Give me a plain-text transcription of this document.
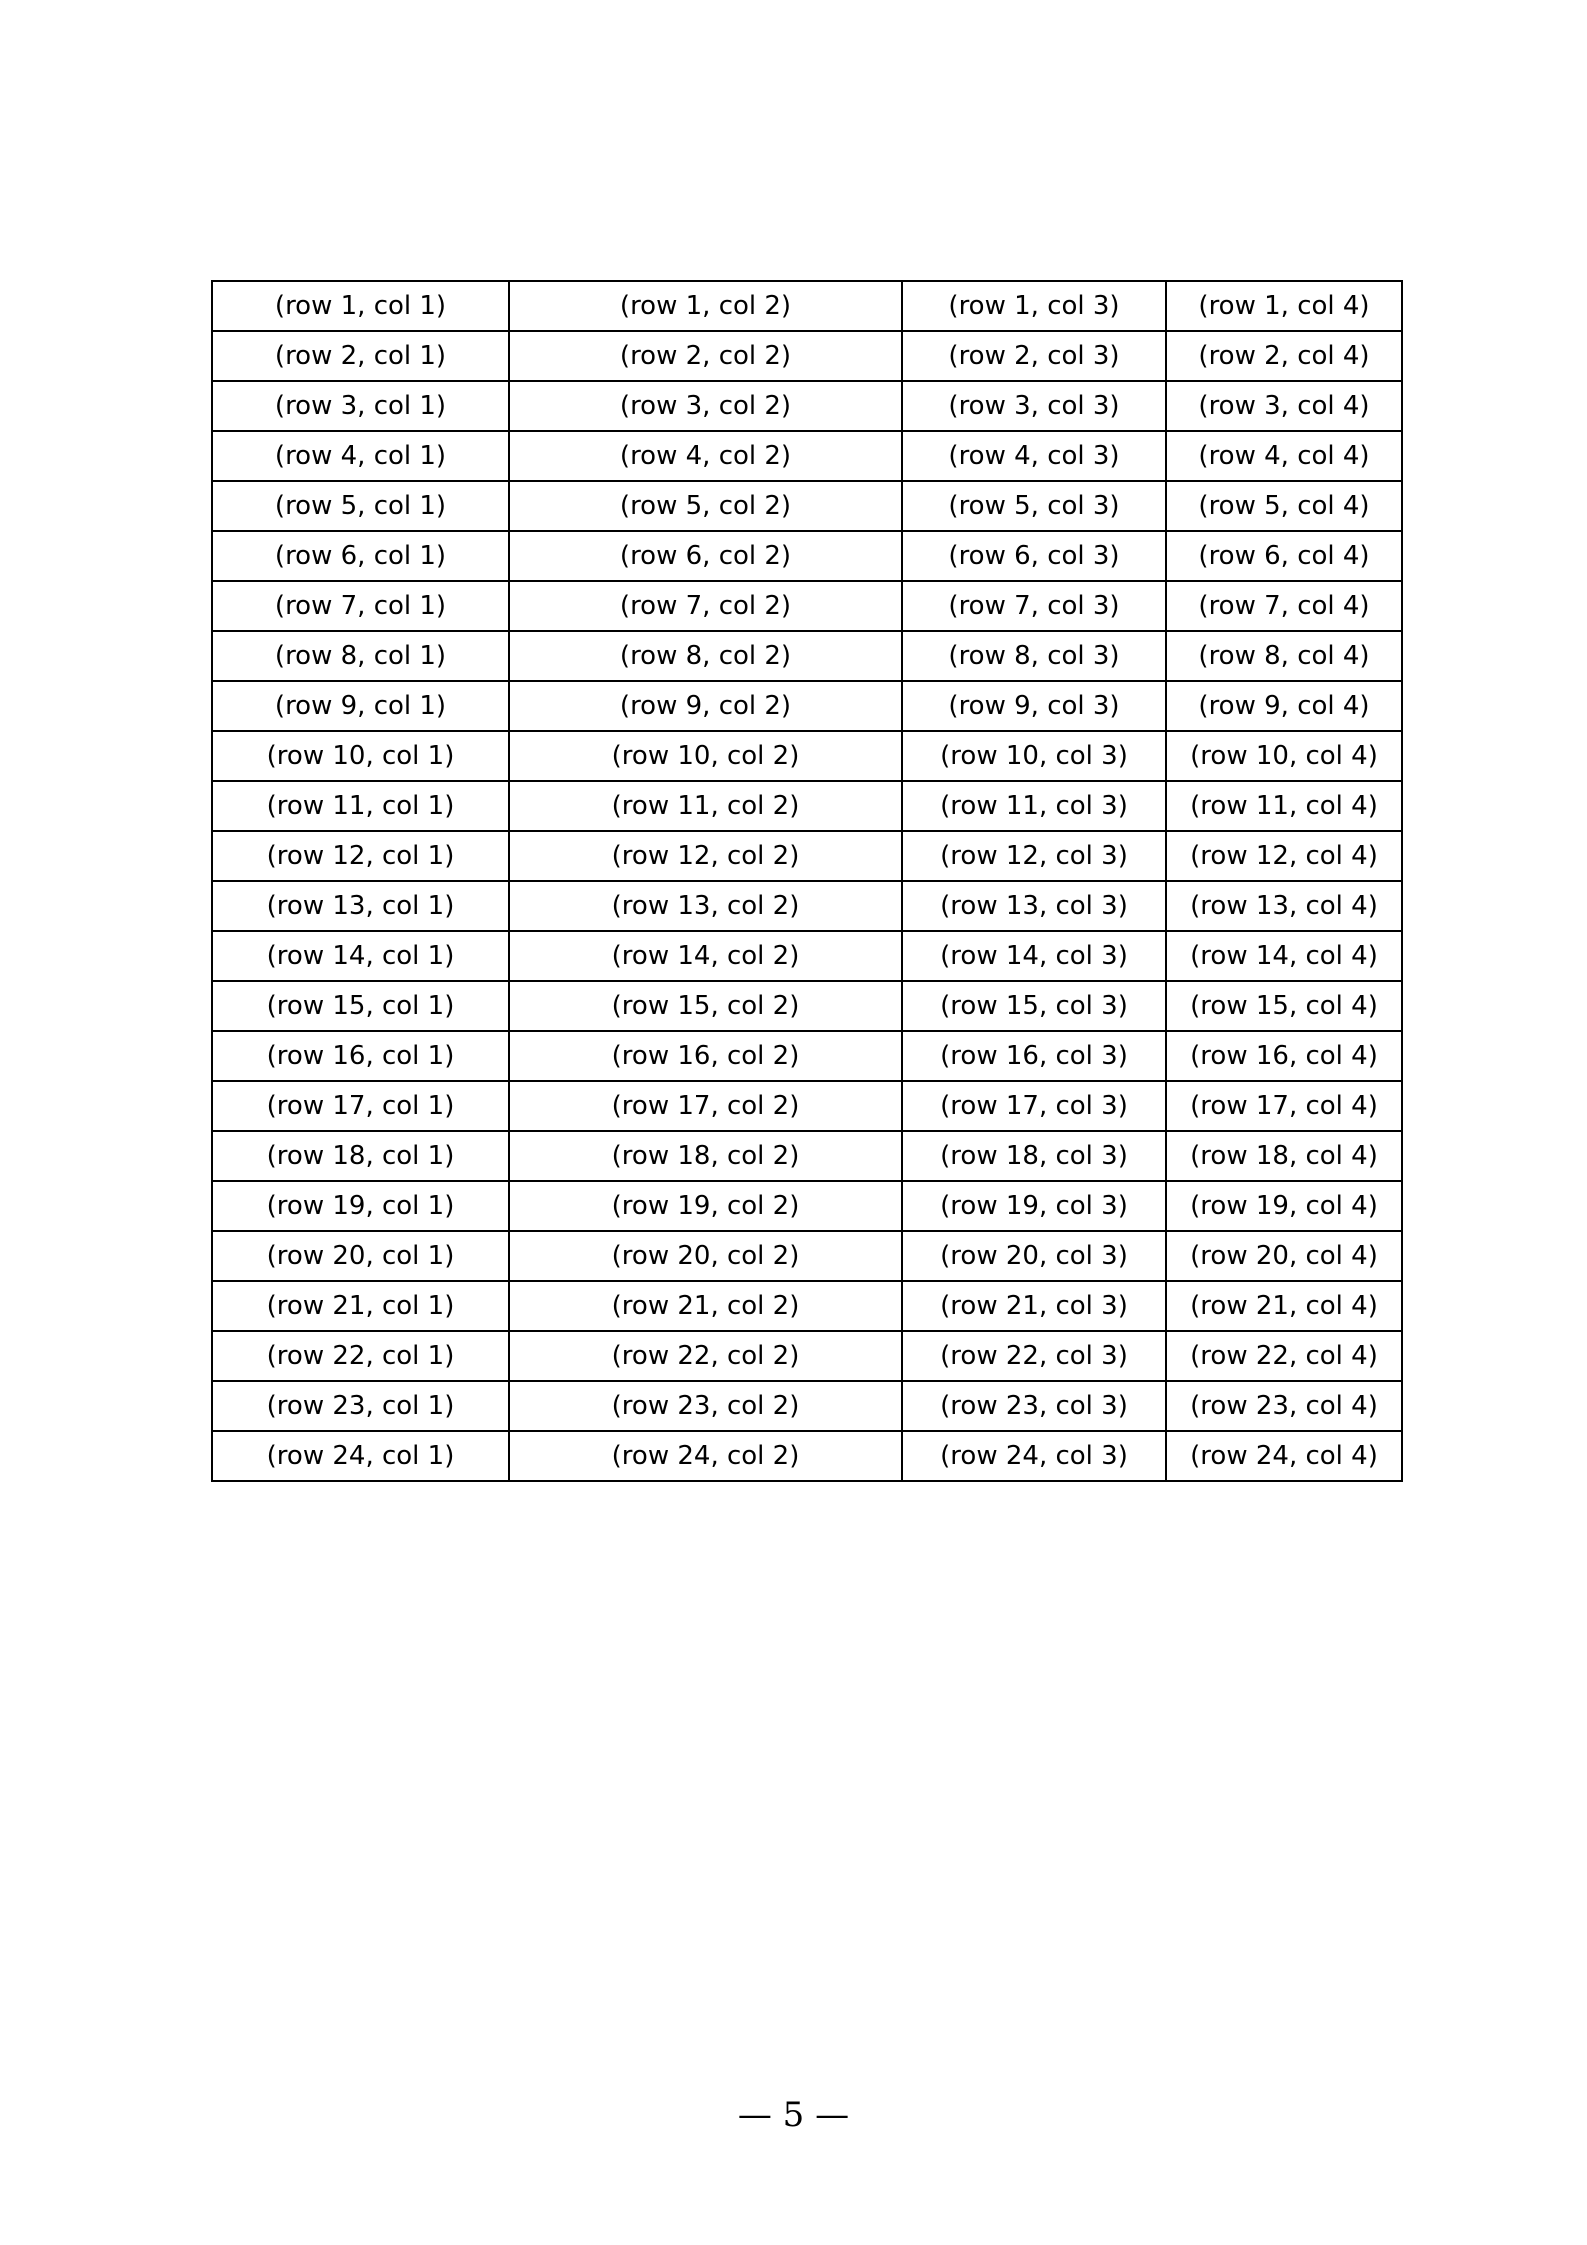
(row 1, col 1)	(row 1, col 2)	(row 1, col 3)	(row 1, col 4)
(row 2, col 1)	(row 2, col 2)	(row 2, col 3)	(row 2, col 4)
(row 3, col 1)	(row 3, col 2)	(row 3, col 3)	(row 3, col 4)
(row 4, col 1)	(row 4, col 2)	(row 4, col 3)	(row 4, col 4)
(row 5, col 1)	(row 5, col 2)	(row 5, col 3)	(row 5, col 4)
(row 6, col 1)	(row 6, col 2)	(row 6, col 3)	(row 6, col 4)
(row 7, col 1)	(row 7, col 2)	(row 7, col 3)	(row 7, col 4)
(row 8, col 1)	(row 8, col 2)	(row 8, col 3)	(row 8, col 4)
(row 9, col 1)	(row 9, col 2)	(row 9, col 3)	(row 9, col 4)
(row 10, col 1)	(row 10, col 2)	(row 10, col 3)	(row 10, col 4)
(row 11, col 1)	(row 11, col 2)	(row 11, col 3)	(row 11, col 4)
(row 12, col 1)	(row 12, col 2)	(row 12, col 3)	(row 12, col 4)
(row 13, col 1)	(row 13, col 2)	(row 13, col 3)	(row 13, col 4)
(row 14, col 1)	(row 14, col 2)	(row 14, col 3)	(row 14, col 4)
(row 15, col 1)	(row 15, col 2)	(row 15, col 3)	(row 15, col 4)
(row 16, col 1)	(row 16, col 2)	(row 16, col 3)	(row 16, col 4)
(row 17, col 1)	(row 17, col 2)	(row 17, col 3)	(row 17, col 4)
(row 18, col 1)	(row 18, col 2)	(row 18, col 3)	(row 18, col 4)
(row 19, col 1)	(row 19, col 2)	(row 19, col 3)	(row 19, col 4)
(row 20, col 1)	(row 20, col 2)	(row 20, col 3)	(row 20, col 4)
(row 21, col 1)	(row 21, col 2)	(row 21, col 3)	(row 21, col 4)
(row 22, col 1)	(row 22, col 2)	(row 22, col 3)	(row 22, col 4)
(row 23, col 1)	(row 23, col 2)	(row 23, col 3)	(row 23, col 4)
(row 24, col 1)	(row 24, col 2)	(row 24, col 3)	(row 24, col 4)
— 5 —
